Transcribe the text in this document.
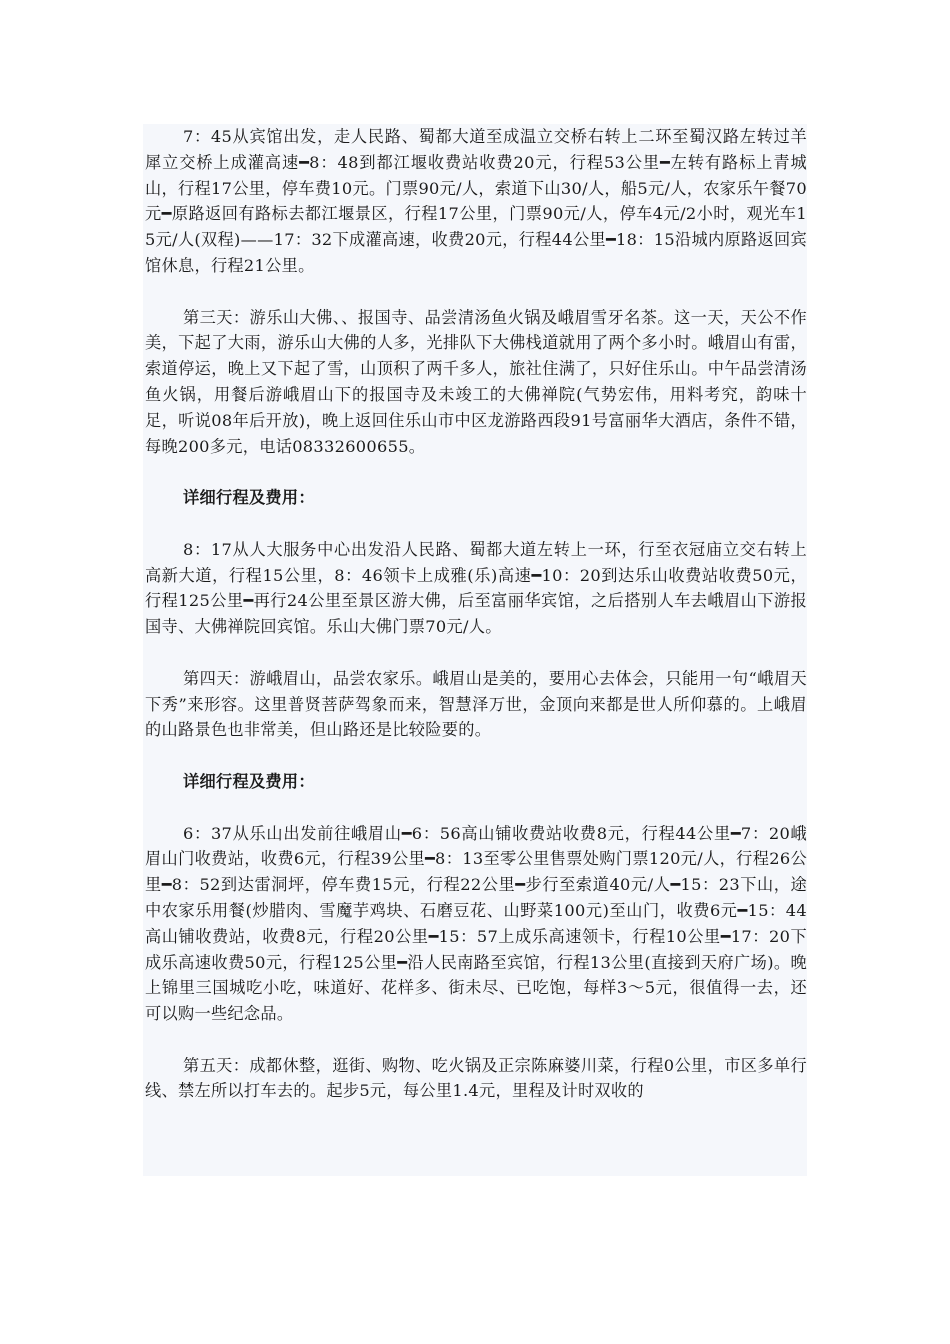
7：45从宾馆出发，走人民路、蜀都大道至成温立交桥右转上二环至蜀汉路左转过羊犀立交桥上成灌高速━8：48到都江堰收费站收费20元，行程53公里━左转有路标上青城山，行程17公里，停车费10元。门票90元/人，索道下山30/人，船5元/人，农家乐午餐70元━原路返回有路标去都江堰景区，行程17公里，门票90元/人，停车4元/2小时，观光车15元/人(双程)——17：32下成灌高速，收费20元，行程44公里━18：15沿城内原路返回宾馆休息，行程21公里。

第三天：游乐山大佛、、报国寺、品尝清汤鱼火锅及峨眉雪牙名茶。这一天，天公不作美，下起了大雨，游乐山大佛的人多，光排队下大佛栈道就用了两个多小时。峨眉山有雷，索道停运，晚上又下起了雪，山顶积了两千多人，旅社住满了，只好住乐山。中午品尝清汤鱼火锅，用餐后游峨眉山下的报国寺及未竣工的大佛禅院(气势宏伟，用料考究，韵味十足，听说08年后开放)，晚上返回住乐山市中区龙游路西段91号富丽华大酒店，条件不错，每晚200多元，电话08332600655。

详细行程及费用：

8：17从人大服务中心出发沿人民路、蜀都大道左转上一环，行至衣冠庙立交右转上高新大道，行程15公里，8：46领卡上成雅(乐)高速━10：20到达乐山收费站收费50元，行程125公里━再行24公里至景区游大佛，后至富丽华宾馆，之后搭别人车去峨眉山下游报国寺、大佛禅院回宾馆。乐山大佛门票70元/人。

第四天：游峨眉山，品尝农家乐。峨眉山是美的，要用心去体会，只能用一句“峨眉天下秀”来形容。这里普贤菩萨驾象而来，智慧泽万世，金顶向来都是世人所仰慕的。上峨眉的山路景色也非常美，但山路还是比较险要的。

详细行程及费用：

6：37从乐山出发前往峨眉山━6：56高山铺收费站收费8元，行程44公里━7：20峨眉山门收费站，收费6元，行程39公里━8：13至零公里售票处购门票120元/人，行程26公里━8：52到达雷洞坪，停车费15元，行程22公里━步行至索道40元/人━15：23下山，途中农家乐用餐(炒腊肉、雪魔芋鸡块、石磨豆花、山野菜100元)至山门，收费6元━15：44高山铺收费站，收费8元，行程20公里━15：57上成乐高速领卡，行程10公里━17：20下成乐高速收费50元，行程125公里━沿人民南路至宾馆，行程13公里(直接到天府广场)。晚上锦里三国城吃小吃，味道好、花样多、街未尽、已吃饱，每样3～5元，很值得一去，还可以购一些纪念品。

第五天：成都休整，逛街、购物、吃火锅及正宗陈麻婆川菜，行程0公里，市区多单行线、禁左所以打车去的。起步5元，每公里1.4元，里程及计时双收的
